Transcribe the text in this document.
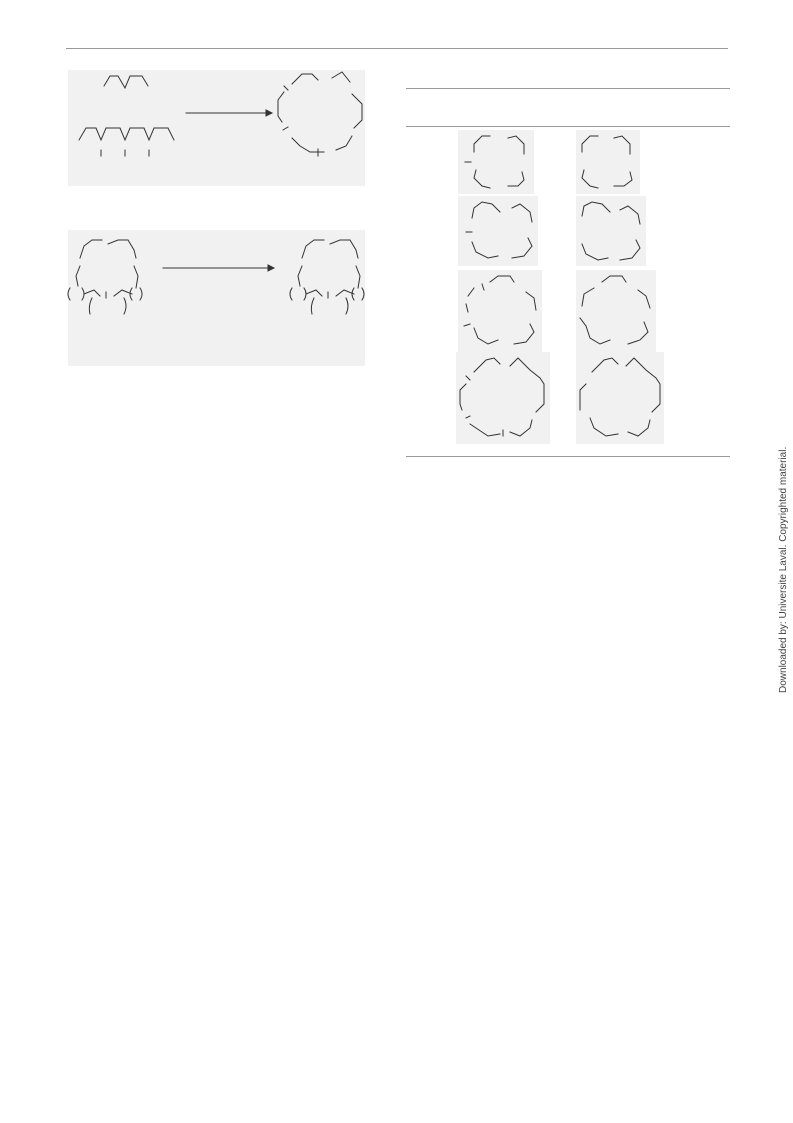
Downloaded by: Universite Laval. Copyrighted material.
